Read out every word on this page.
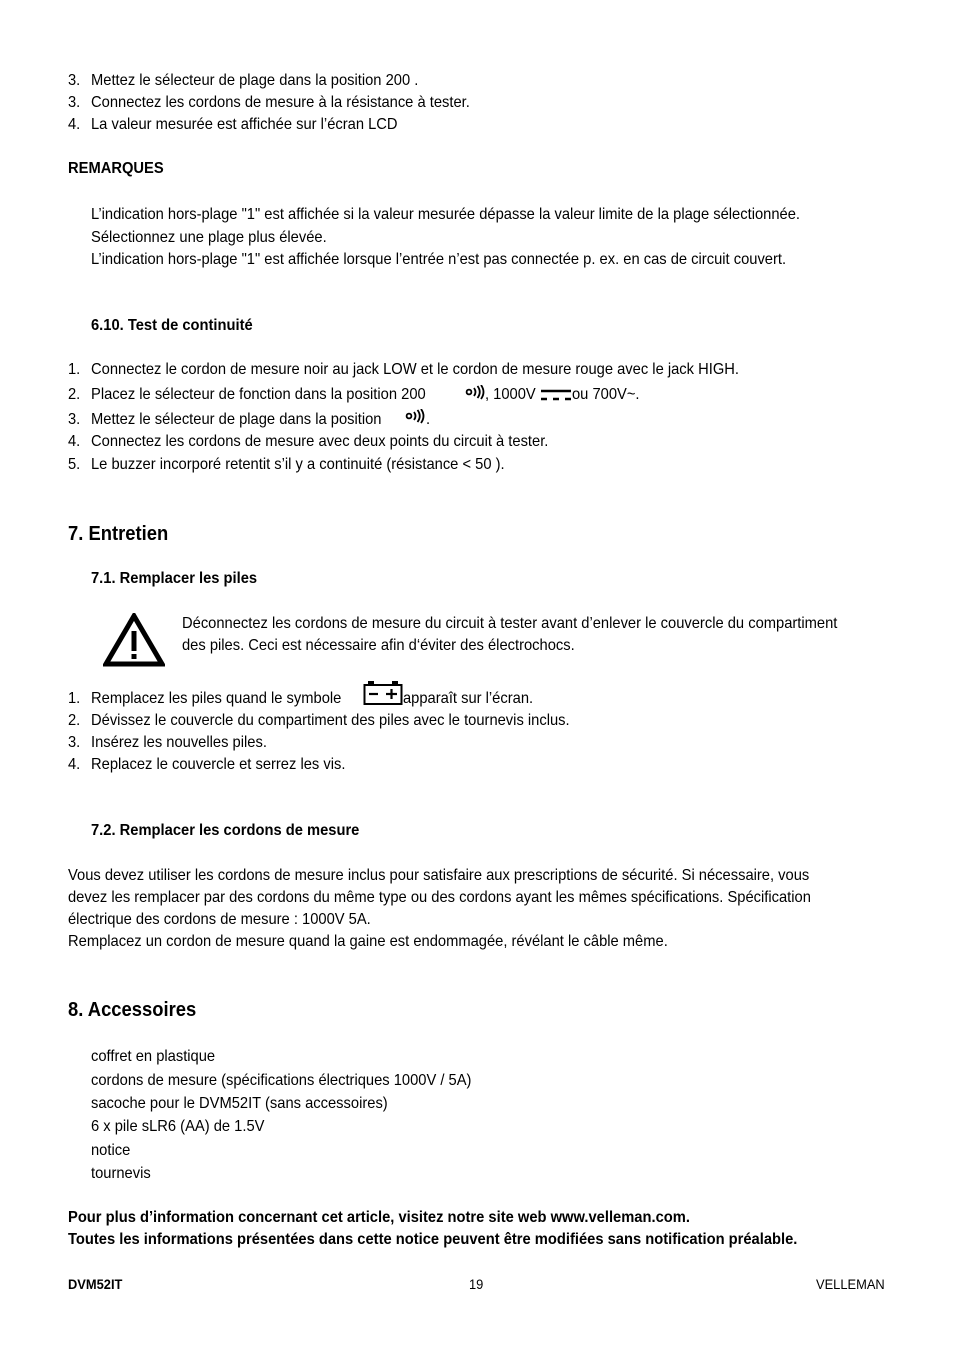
3. Mettez le sélecteur de plage dans la position 200 .
3. Connectez les cordons de mesure à la résistance à tester.
4. La valeur mesurée est affichée sur l’écran LCD
REMARQUES
L’indication hors-plage "1" est affichée si la valeur mesurée dépasse la valeur limite de la plage sélectionnée.
Sélectionnez une plage plus élevée.
L’indication hors-plage "1" est affichée lorsque l’entrée n’est pas connectée p. ex. en cas de circuit couvert.
6.10. Test de continuité
1. Connectez le cordon de mesure noir au jack LOW et le cordon de mesure rouge avec le jack HIGH.
2. Placez le sélecteur de fonction dans la position 200	, 1000V ou 700V~.
3. Mettez le sélecteur de plage dans la position	.
4. Connectez les cordons de mesure avec deux points du circuit à tester.
5. Le buzzer incorporé retentit s’il y a continuité (résistance < 50 ).
7. Entretien
7.1. Remplacer les piles
Déconnectez les cordons de mesure du circuit à tester avant d’enlever le couvercle du compartiment
des piles. Ceci est nécessaire afin d‘éviter des électrochocs.
1. Remplacez les piles quand le symbole	apparaît sur l’écran.
2. Dévissez le couvercle du compartiment des piles avec le tournevis inclus.
3. Insérez les nouvelles piles.
4. Replacez le couvercle et serrez les vis.
7.2. Remplacer les cordons de mesure
Vous devez utiliser les cordons de mesure inclus pour satisfaire aux prescriptions de sécurité. Si nécessaire, vous
devez les remplacer par des cordons du même type ou des cordons ayant les mêmes spécifications. Spécification
électrique des cordons de mesure : 1000V 5A.
Remplacez un cordon de mesure quand la gaine est endommagée, révélant le câble même.
8. Accessoires
coffret en plastique
cordons de mesure (spécifications électriques 1000V / 5A)
sacoche pour le DVM52IT (sans accessoires)
6 x pile sLR6 (AA) de 1.5V
notice
tournevis
Pour plus d’information concernant cet article, visitez notre site web www.velleman.com.
Toutes les informations présentées dans cette notice peuvent être modifiées sans notification préalable.
DVM52IT	19	VELLEMAN
